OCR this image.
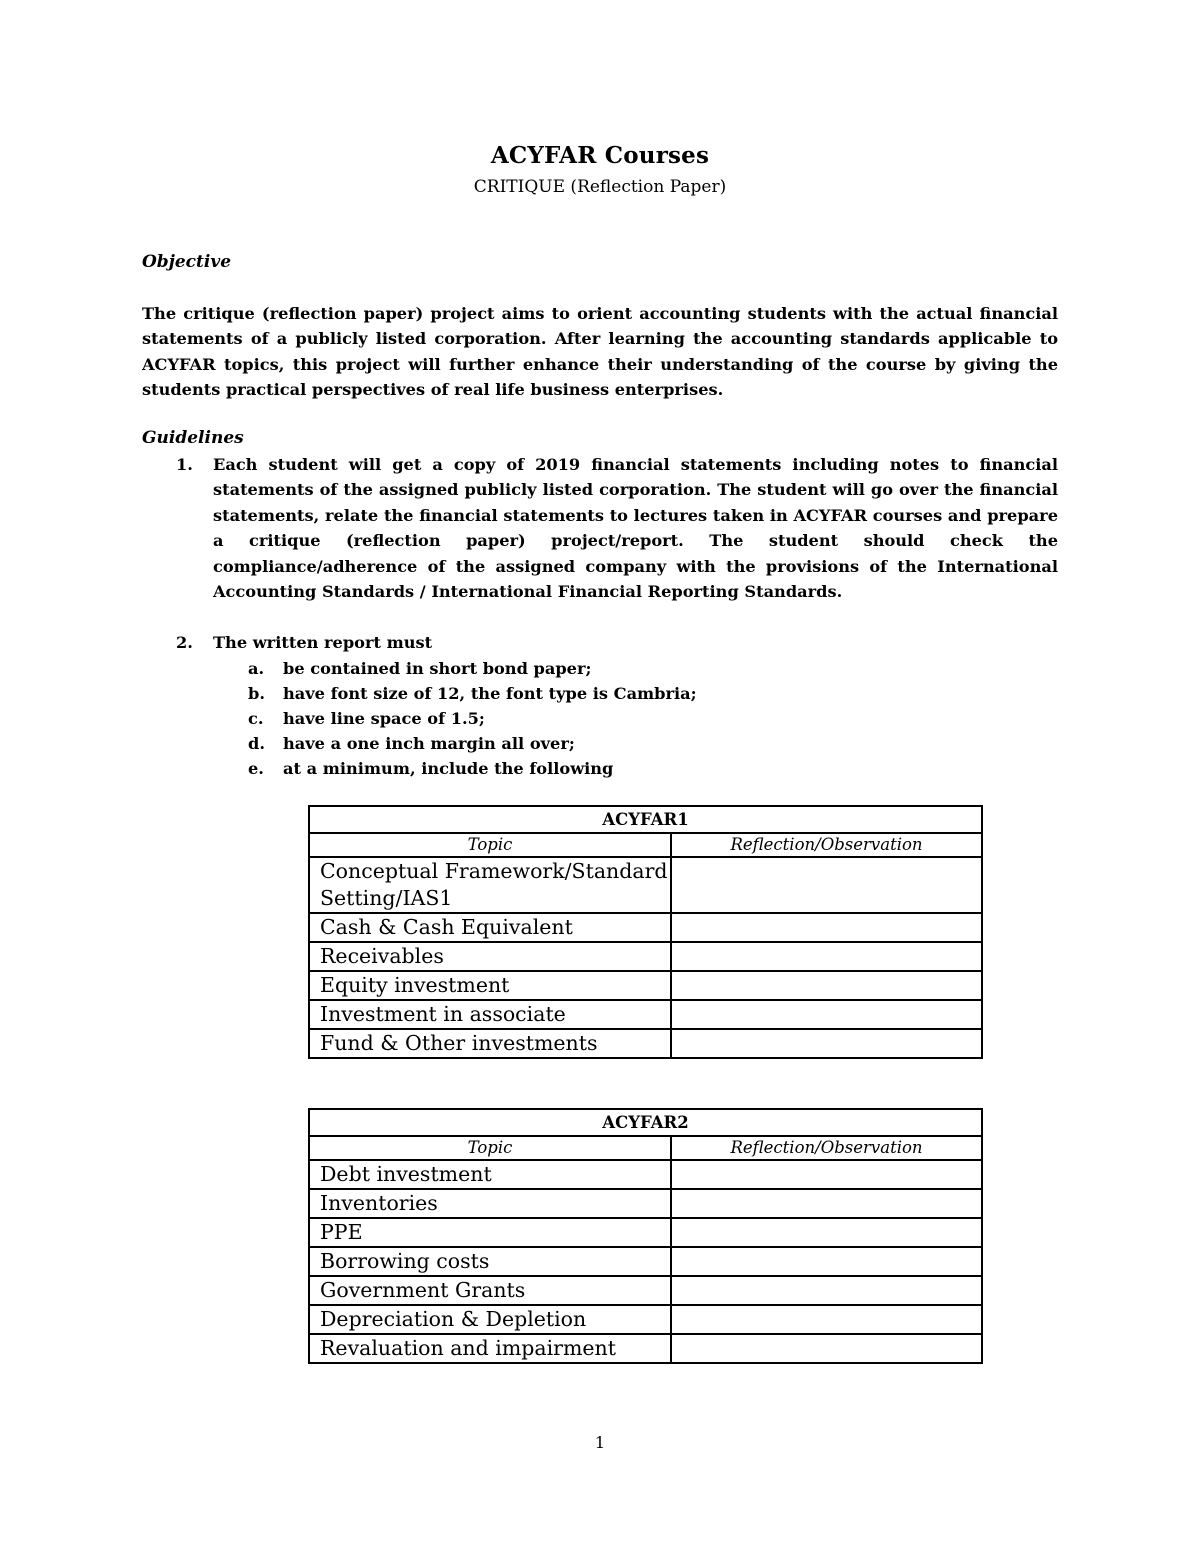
ACYFAR Courses
CRITIQUE (Reflection Paper)
Objective
The critique (reflection paper) project aims to orient accounting students with the actual financial statements of a publicly listed corporation. After learning the accounting standards applicable to ACYFAR topics, this project will further enhance their understanding of the course by giving the students practical perspectives of real life business enterprises.
Guidelines
1. Each student will get a copy of 2019 financial statements including notes to financial statements of the assigned publicly listed corporation. The student will go over the financial statements, relate the financial statements to lectures taken in ACYFAR courses and prepare a critique (reflection paper) project/report. The student should check the compliance/adherence of the assigned company with the provisions of the International Accounting Standards / International Financial Reporting Standards.
2. The written report must
a. be contained in short bond paper;
b. have font size of 12, the font type is Cambria;
c. have line space of 1.5;
d. have a one inch margin all over;
e. at a minimum, include the following
ACYFAR1	
Topic	Reflection/Observation
Conceptual Framework/Standard Setting/IAS1	
Cash & Cash Equivalent	
Receivables	
Equity investment	
Investment in associate	
Fund & Other investments	
ACYFAR2	
Topic	Reflection/Observation
Debt investment	
Inventories	
PPE	
Borrowing costs	
Government Grants	
Depreciation & Depletion	
Revaluation and impairment	
1
